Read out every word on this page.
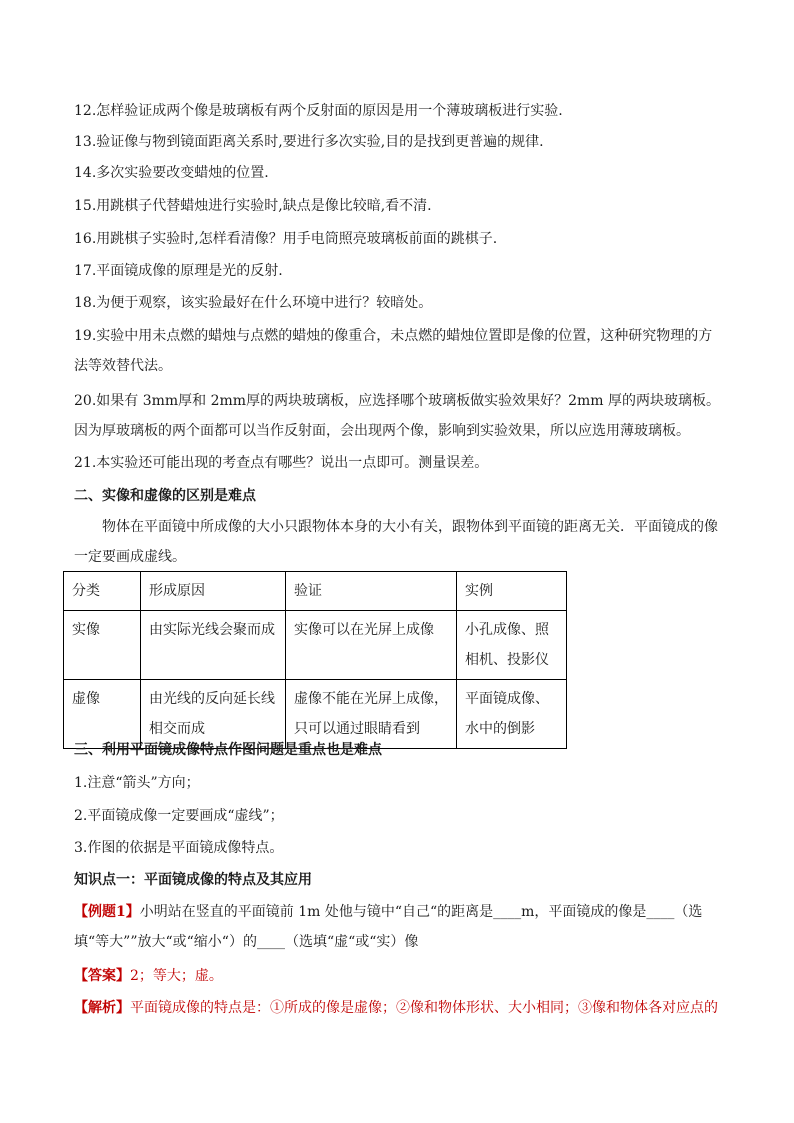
12.怎样验证成两个像是玻璃板有两个反射面的原因是用一个薄玻璃板进行实验.
13.验证像与物到镜面距离关系时,要进行多次实验,目的是找到更普遍的规律.
14.多次实验要改变蜡烛的位置.
15.用跳棋子代替蜡烛进行实验时,缺点是像比较暗,看不清.
16.用跳棋子实验时,怎样看清像？用手电筒照亮玻璃板前面的跳棋子.
17.平面镜成像的原理是光的反射.
18.为便于观察，该实验最好在什么环境中进行？较暗处。
19.实验中用未点燃的蜡烛与点燃的蜡烛的像重合，未点燃的蜡烛位置即是像的位置，这种研究物理的方法等效替代法。
20.如果有 3mm厚和 2mm厚的两块玻璃板，应选择哪个玻璃板做实验效果好？2mm 厚的两块玻璃板。因为厚玻璃板的两个面都可以当作反射面，会出现两个像，影响到实验效果，所以应选用薄玻璃板。
21.本实验还可能出现的考查点有哪些？说出一点即可。测量误差。
二、实像和虚像的区别是难点
物体在平面镜中所成像的大小只跟物体本身的大小有关，跟物体到平面镜的距离无关．平面镜成的像一定要画成虚线。
分类	形成原因	验证	实例
实像	由实际光线会聚而成	实像可以在光屏上成像	小孔成像、照相机、投影仪
虚像	由光线的反向延长线相交而成	虚像不能在光屏上成像，只可以通过眼睛看到	平面镜成像、水中的倒影
三、利用平面镜成像特点作图问题是重点也是难点
1.注意“箭头”方向；
2.平面镜成像一定要画成“虚线”；
3.作图的依据是平面镜成像特点。
知识点一：平面镜成像的特点及其应用
【例题1】小明站在竖直的平面镜前 1m 处他与镜中“自己“的距离是____m，平面镜成的像是____（选填“等大””放大“或“缩小“）的____（选填“虚“或“实）像
【答案】2；等大；虚。
【解析】平面镜成像的特点是：①所成的像是虚像；②像和物体形状、大小相同；③像和物体各对应点的
